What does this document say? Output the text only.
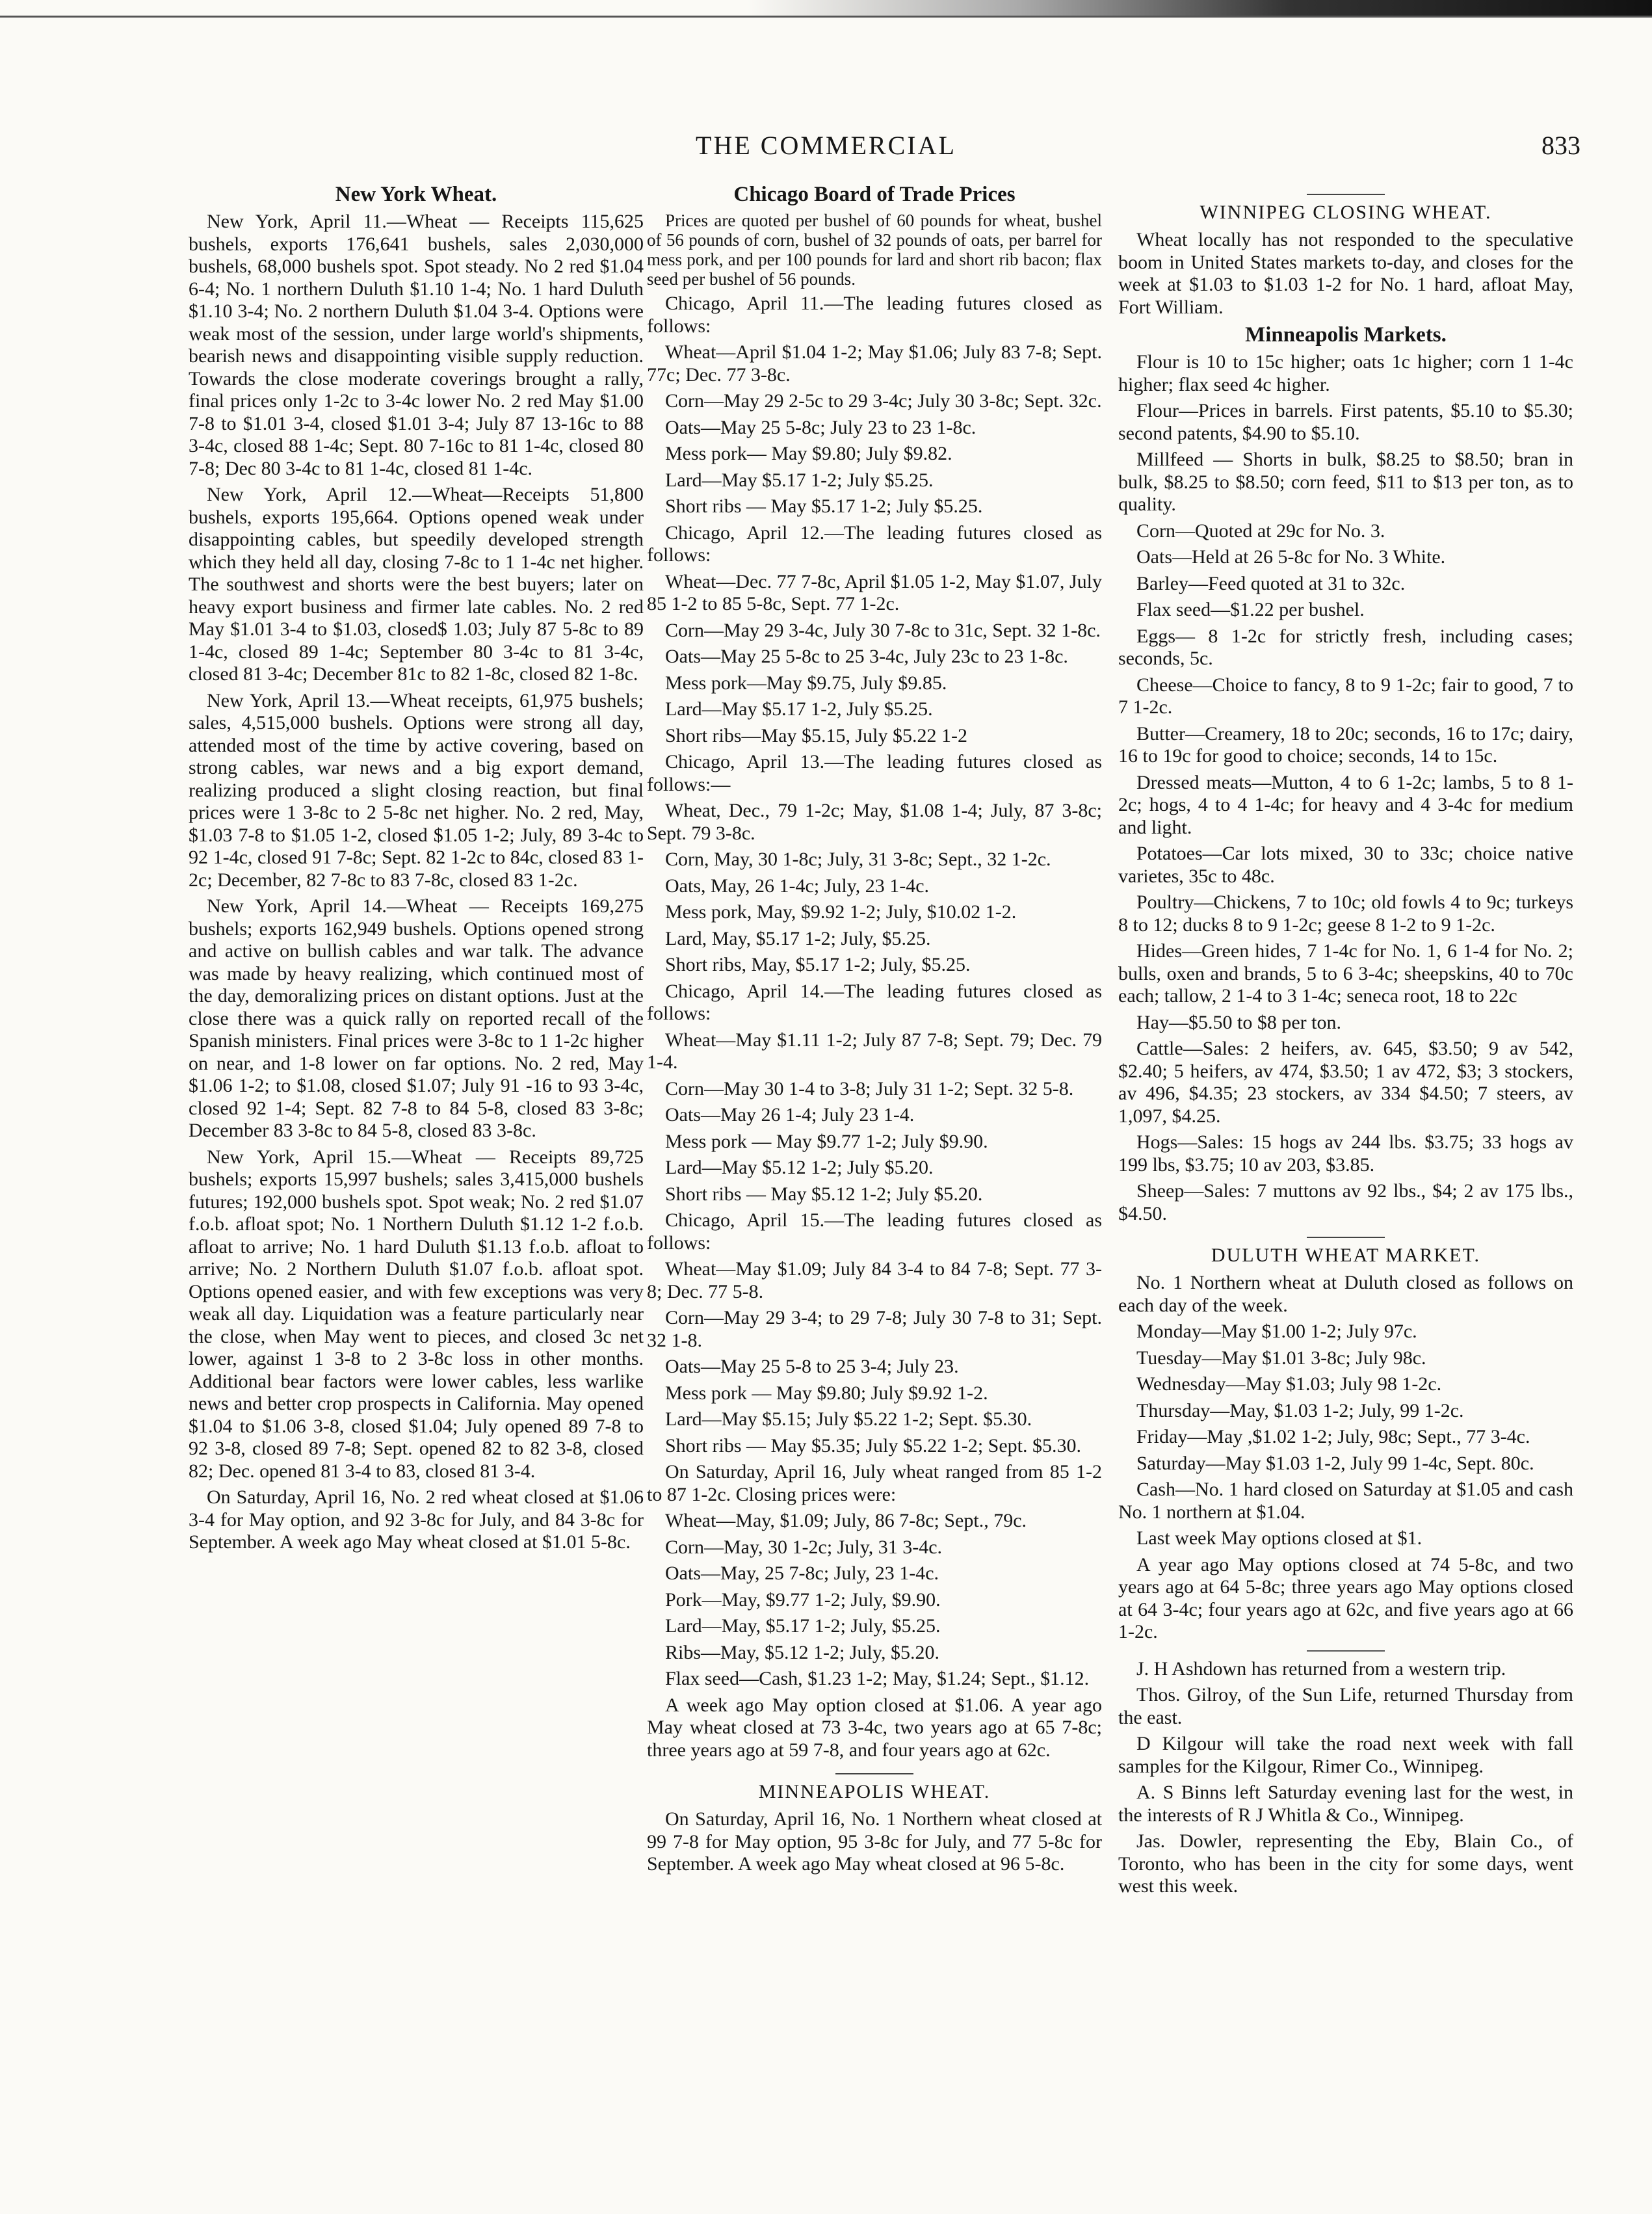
THE COMMERCIAL	833
New York Wheat.

New York, April 11.—Wheat — Receipts 115,625 bushels, exports 176,641 bushels, sales 2,030,000 bushels, 68,000 bushels spot. Spot steady. No 2 red $1.04 6-4; No. 1 northern Duluth $1.10 1-4; No. 1 hard Duluth $1.10 3-4; No. 2 northern Duluth $1.04 3-4. Options were weak most of the session, under large world's shipments, bearish news and disappointing visible supply reduction. Towards the close moderate coverings brought a rally, final prices only 1-2c to 3-4c lower No. 2 red May $1.00 7-8 to $1.01 3-4, closed $1.01 3-4; July 87 13-16c to 88 3-4c, closed 88 1-4c; Sept. 80 7-16c to 81 1-4c, closed 80 7-8; Dec 80 3-4c to 81 1-4c, closed 81 1-4c.

New York, April 12.—Wheat—Receipts 51,800 bushels, exports 195,664. Options opened weak under disappointing cables, but speedily developed strength which they held all day, closing 7-8c to 1 1-4c net higher. The southwest and shorts were the best buyers; later on heavy export business and firmer late cables. No. 2 red May $1.01 3-4 to $1.03, closed$ 1.03; July 87 5-8c to 89 1-4c, closed 89 1-4c; September 80 3-4c to 81 3-4c, closed 81 3-4c; December 81c to 82 1-8c, closed 82 1-8c.

New York, April 13.—Wheat receipts, 61,975 bushels; sales, 4,515,000 bushels. Options were strong all day, attended most of the time by active covering, based on strong cables, war news and a big export demand, realizing produced a slight closing reaction, but final prices were 1 3-8c to 2 5-8c net higher. No. 2 red, May, $1.03 7-8 to $1.05 1-2, closed $1.05 1-2; July, 89 3-4c to 92 1-4c, closed 91 7-8c; Sept. 82 1-2c to 84c, closed 83 1-2c; December, 82 7-8c to 83 7-8c, closed 83 1-2c.

New York, April 14.—Wheat — Receipts 169,275 bushels; exports 162,949 bushels. Options opened strong and active on bullish cables and war talk. The advance was made by heavy realizing, which continued most of the day, demoralizing prices on distant options. Just at the close there was a quick rally on reported recall of the Spanish ministers. Final prices were 3-8c to 1 1-2c higher on near, and 1-8 lower on far options. No. 2 red, May $1.06 1-2; to $1.08, closed $1.07; July 91 -16 to 93 3-4c, closed 92 1-4; Sept. 82 7-8 to 84 5-8, closed 83 3-8c; December 83 3-8c to 84 5-8, closed 83 3-8c.

New York, April 15.—Wheat — Receipts 89,725 bushels; exports 15,997 bushels; sales 3,415,000 bushels futures; 192,000 bushels spot. Spot weak; No. 2 red $1.07 f.o.b. afloat spot; No. 1 Northern Duluth $1.12 1-2 f.o.b. afloat to arrive; No. 1 hard Duluth $1.13 f.o.b. afloat to arrive; No. 2 Northern Duluth $1.07 f.o.b. afloat spot. Options opened easier, and with few exceptions was very weak all day. Liquidation was a feature particularly near the close, when May went to pieces, and closed 3c net lower, against 1 3-8 to 2 3-8c loss in other months. Additional bear factors were lower cables, less warlike news and better crop prospects in California. May opened $1.04 to $1.06 3-8, closed $1.04; July opened 89 7-8 to 92 3-8, closed 89 7-8; Sept. opened 82 to 82 3-8, closed 82; Dec. opened 81 3-4 to 83, closed 81 3-4.

On Saturday, April 16, No. 2 red wheat closed at $1.06 3-4 for May option, and 92 3-8c for July, and 84 3-8c for September. A week ago May wheat closed at $1.01 5-8c.

Chicago Board of Trade Prices

Prices are quoted per bushel of 60 pounds for wheat, bushel of 56 pounds of corn, bushel of 32 pounds of oats, per barrel for mess pork, and per 100 pounds for lard and short rib bacon; flax seed per bushel of 56 pounds.

Chicago, April 11.—The leading futures closed as follows:

Wheat—April $1.04 1-2; May $1.06; July 83 7-8; Sept. 77c; Dec. 77 3-8c.

Corn—May 29 2-5c to 29 3-4c; July 30 3-8c; Sept. 32c.

Oats—May 25 5-8c; July 23 to 23 1-8c.

Mess pork— May $9.80; July $9.82.

Lard—May $5.17 1-2; July $5.25.

Short ribs — May $5.17 1-2; July $5.25.

Chicago, April 12.—The leading futures closed as follows:

Wheat—Dec. 77 7-8c, April $1.05 1-2, May $1.07, July 85 1-2 to 85 5-8c, Sept. 77 1-2c.

Corn—May 29 3-4c, July 30 7-8c to 31c, Sept. 32 1-8c.

Oats—May 25 5-8c to 25 3-4c, July 23c to 23 1-8c.

Mess pork—May $9.75, July $9.85.

Lard—May $5.17 1-2, July $5.25.

Short ribs—May $5.15, July $5.22 1-2

Chicago, April 13.—The leading futures closed as follows:—

Wheat, Dec., 79 1-2c; May, $1.08 1-4; July, 87 3-8c; Sept. 79 3-8c.

Corn, May, 30 1-8c; July, 31 3-8c; Sept., 32 1-2c.

Oats, May, 26 1-4c; July, 23 1-4c.

Mess pork, May, $9.92 1-2; July, $10.02 1-2.

Lard, May, $5.17 1-2; July, $5.25.

Short ribs, May, $5.17 1-2; July, $5.25.

Chicago, April 14.—The leading futures closed as follows:

Wheat—May $1.11 1-2; July 87 7-8; Sept. 79; Dec. 79 1-4.

Corn—May 30 1-4 to 3-8; July 31 1-2; Sept. 32 5-8.

Oats—May 26 1-4; July 23 1-4.

Mess pork — May $9.77 1-2; July $9.90.

Lard—May $5.12 1-2; July $5.20.

Short ribs — May $5.12 1-2; July $5.20.

Chicago, April 15.—The leading futures closed as follows:

Wheat—May $1.09; July 84 3-4 to 84 7-8; Sept. 77 3-8; Dec. 77 5-8.

Corn—May 29 3-4; to 29 7-8; July 30 7-8 to 31; Sept. 32 1-8.

Oats—May 25 5-8 to 25 3-4; July 23.

Mess pork — May $9.80; July $9.92 1-2.

Lard—May $5.15; July $5.22 1-2; Sept. $5.30.

Short ribs — May $5.35; July $5.22 1-2; Sept. $5.30.

On Saturday, April 16, July wheat ranged from 85 1-2 to 87 1-2c. Closing prices were:

Wheat—May, $1.09; July, 86 7-8c; Sept., 79c.

Corn—May, 30 1-2c; July, 31 3-4c.

Oats—May, 25 7-8c; July, 23 1-4c.

Pork—May, $9.77 1-2; July, $9.90.

Lard—May, $5.17 1-2; July, $5.25.

Ribs—May, $5.12 1-2; July, $5.20.

Flax seed—Cash, $1.23 1-2; May, $1.24; Sept., $1.12.

A week ago May option closed at $1.06. A year ago May wheat closed at 73 3-4c, two years ago at 65 7-8c; three years ago at 59 7-8, and four years ago at 62c.

MINNEAPOLIS WHEAT.

On Saturday, April 16, No. 1 Northern wheat closed at 99 7-8 for May option, 95 3-8c for July, and 77 5-8c for September. A week ago May wheat closed at 96 5-8c.

WINNIPEG CLOSING WHEAT.

Wheat locally has not responded to the speculative boom in United States markets to-day, and closes for the week at $1.03 to $1.03 1-2 for No. 1 hard, afloat May, Fort William.

Minneapolis Markets.

Flour is 10 to 15c higher; oats 1c higher; corn 1 1-4c higher; flax seed 4c higher.

Flour—Prices in barrels. First patents, $5.10 to $5.30; second patents, $4.90 to $5.10.

Millfeed — Shorts in bulk, $8.25 to $8.50; bran in bulk, $8.25 to $8.50; corn feed, $11 to $13 per ton, as to quality.

Corn—Quoted at 29c for No. 3.

Oats—Held at 26 5-8c for No. 3 White.

Barley—Feed quoted at 31 to 32c.

Flax seed—$1.22 per bushel.

Eggs— 8 1-2c for strictly fresh, including cases; seconds, 5c.

Cheese—Choice to fancy, 8 to 9 1-2c; fair to good, 7 to 7 1-2c.

Butter—Creamery, 18 to 20c; seconds, 16 to 17c; dairy, 16 to 19c for good to choice; seconds, 14 to 15c.

Dressed meats—Mutton, 4 to 6 1-2c; lambs, 5 to 8 1-2c; hogs, 4 to 4 1-4c; for heavy and 4 3-4c for medium and light.

Potatoes—Car lots mixed, 30 to 33c; choice native varietes, 35c to 48c.

Poultry—Chickens, 7 to 10c; old fowls 4 to 9c; turkeys 8 to 12; ducks 8 to 9 1-2c; geese 8 1-2 to 9 1-2c.

Hides—Green hides, 7 1-4c for No. 1, 6 1-4 for No. 2; bulls, oxen and brands, 5 to 6 3-4c; sheepskins, 40 to 70c each; tallow, 2 1-4 to 3 1-4c; seneca root, 18 to 22c

Hay—$5.50 to $8 per ton.

Cattle—Sales: 2 heifers, av. 645, $3.50; 9 av 542, $2.40; 5 heifers, av 474, $3.50; 1 av 472, $3; 3 stockers, av 496, $4.35; 23 stockers, av 334 $4.50; 7 steers, av 1,097, $4.25.

Hogs—Sales: 15 hogs av 244 lbs. $3.75; 33 hogs av 199 lbs, $3.75; 10 av 203, $3.85.

Sheep—Sales: 7 muttons av 92 lbs., $4; 2 av 175 lbs., $4.50.

DULUTH WHEAT MARKET.

No. 1 Northern wheat at Duluth closed as follows on each day of the week.

Monday—May $1.00 1-2; July 97c.

Tuesday—May $1.01 3-8c; July 98c.

Wednesday—May $1.03; July 98 1-2c.

Thursday—May, $1.03 1-2; July, 99 1-2c.

Friday—May ,$1.02 1-2; July, 98c; Sept., 77 3-4c.

Saturday—May $1.03 1-2, July 99 1-4c, Sept. 80c.

Cash—No. 1 hard closed on Saturday at $1.05 and cash No. 1 northern at $1.04.

Last week May options closed at $1.

A year ago May options closed at 74 5-8c, and two years ago at 64 5-8c; three years ago May options closed at 64 3-4c; four years ago at 62c, and five years ago at 66 1-2c.

J. H Ashdown has returned from a western trip.

Thos. Gilroy, of the Sun Life, returned Thursday from the east.

D Kilgour will take the road next week with fall samples for the Kilgour, Rimer Co., Winnipeg.

A. S Binns left Saturday evening last for the west, in the interests of R J Whitla & Co., Winnipeg.

Jas. Dowler, representing the Eby, Blain Co., of Toronto, who has been in the city for some days, went west this week.
